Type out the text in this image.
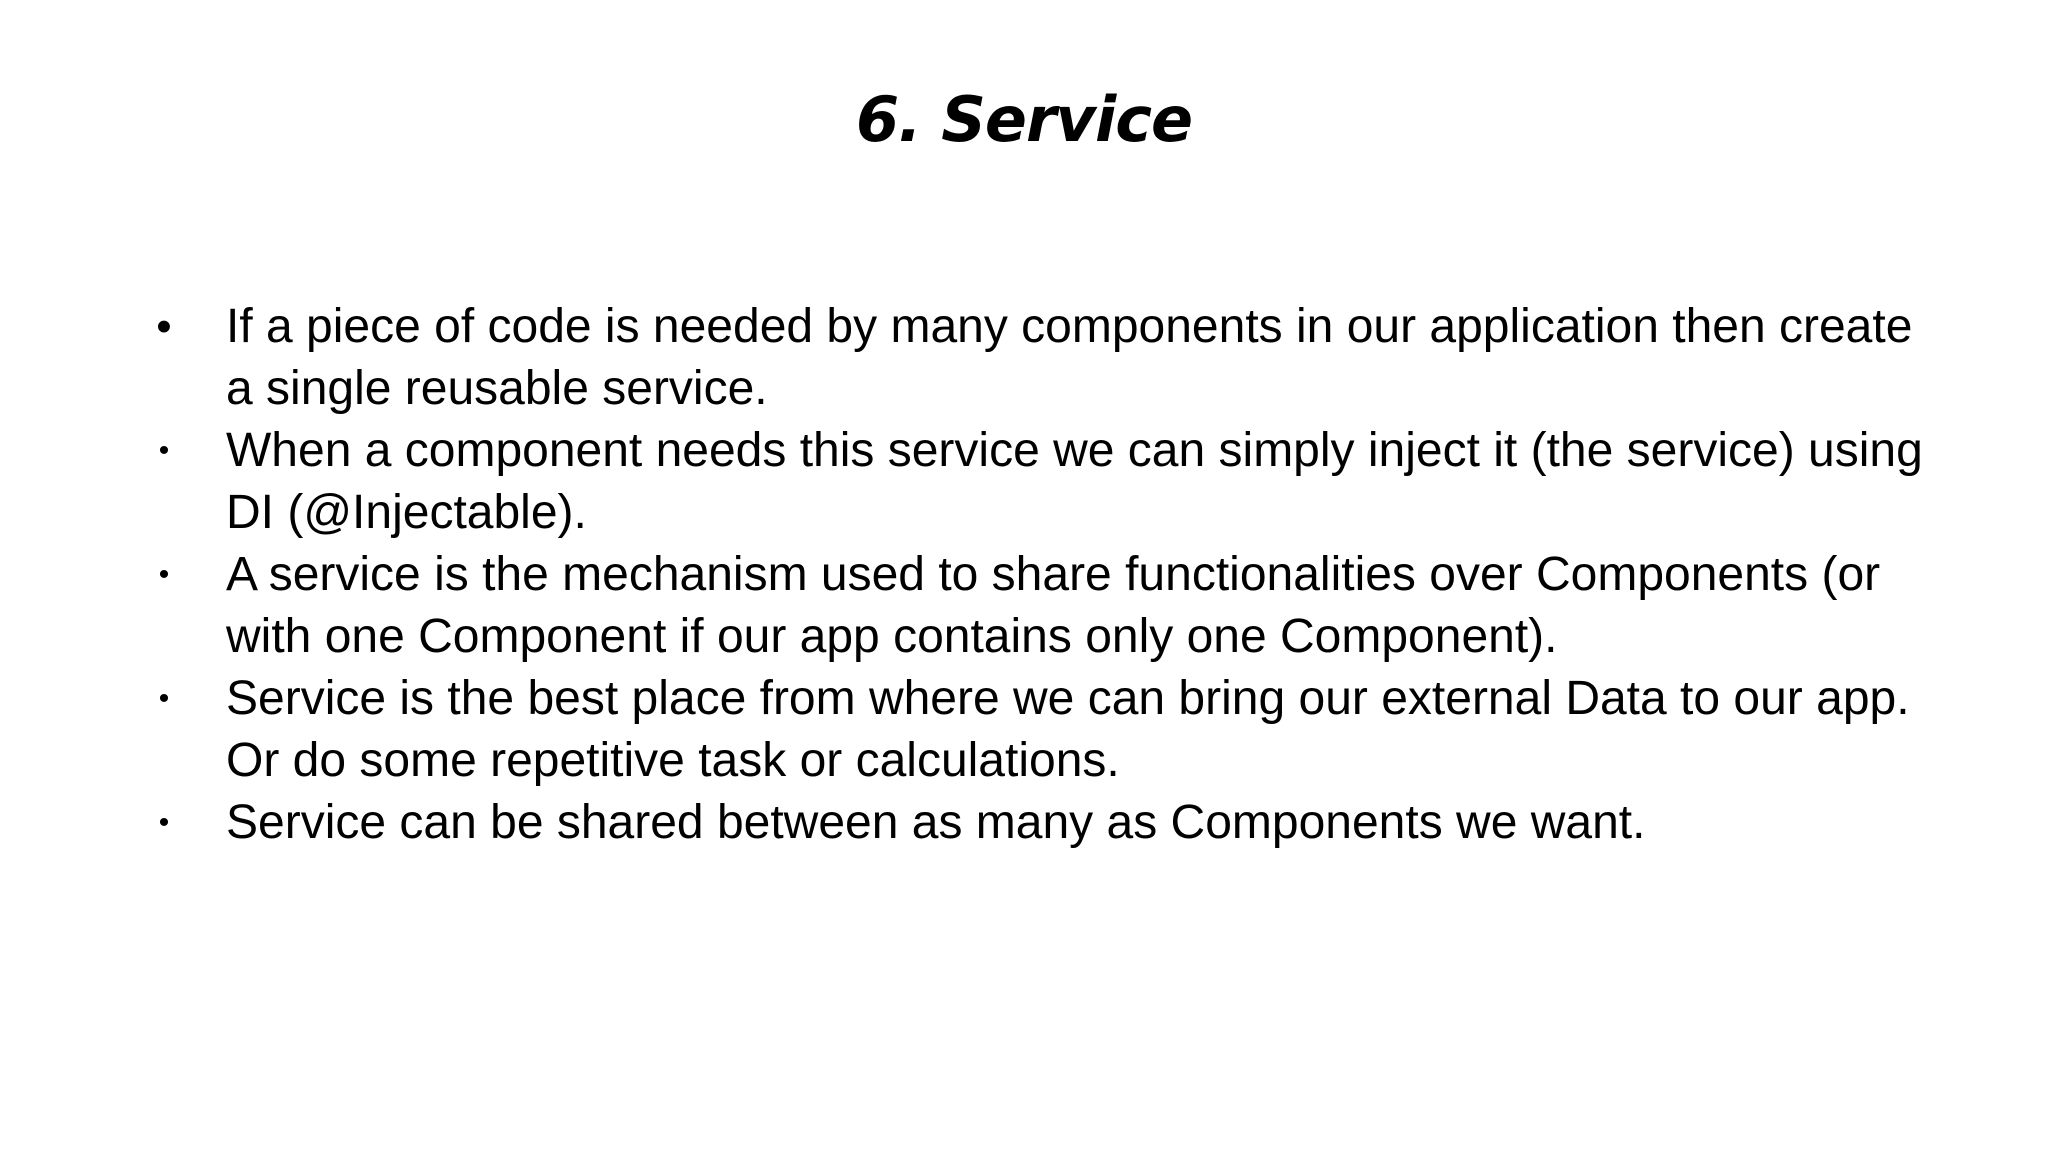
6. Service
• If a piece of code is needed by many components in our application then create a single reusable service.
• When a component needs this service we can simply inject it (the service) using DI (@Injectable).
• A service is the mechanism used to share functionalities over Components (or with one Component if our app contains only one Component).
• Service is the best place from where we can bring our external Data to our app. Or do some repetitive task or calculations.
• Service can be shared between as many as Components we want.
